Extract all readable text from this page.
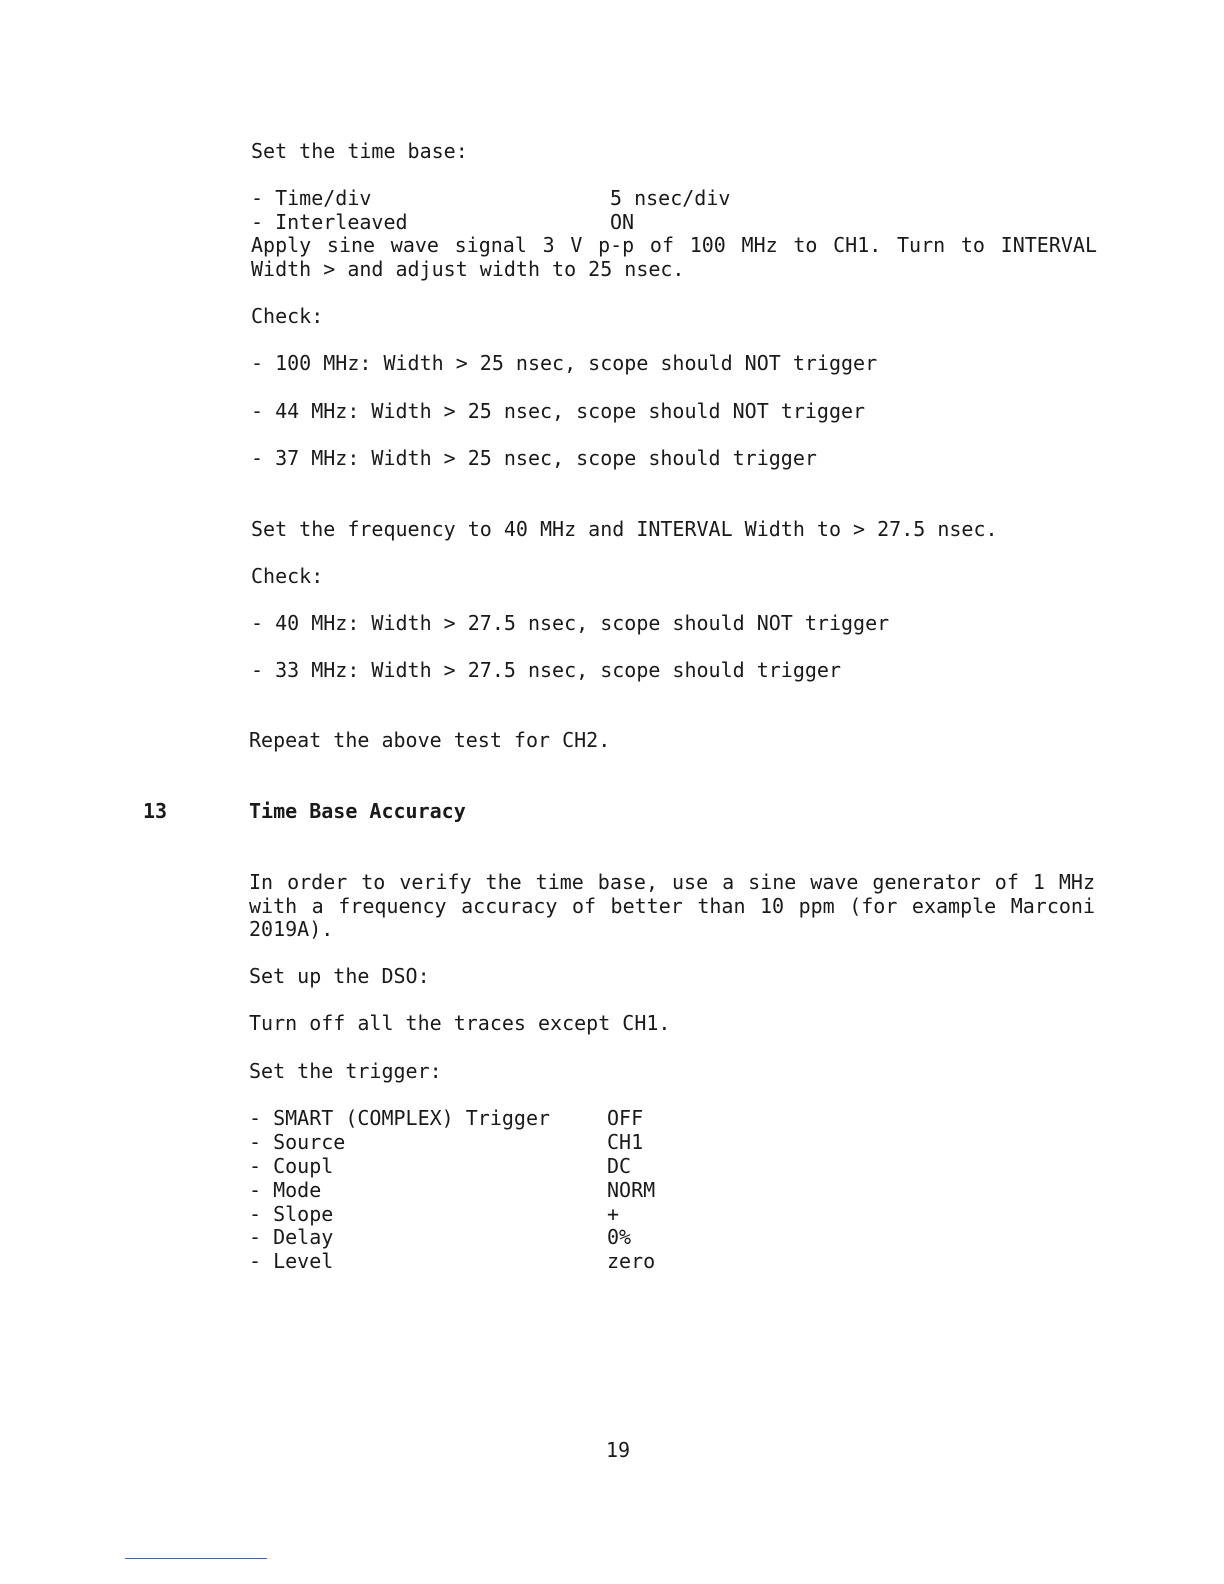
Set the time base:
- Time/div	5 nsec/div
- Interleaved	ON
Apply sine wave signal 3 V p-p of 100 MHz to CH1. Turn to INTERVAL Width > and adjust width to 25 nsec.
Check:
- 100 MHz: Width > 25 nsec, scope should NOT trigger
- 44 MHz: Width > 25 nsec, scope should NOT trigger
- 37 MHz: Width > 25 nsec, scope should trigger
Set the frequency to 40 MHz and INTERVAL Width to > 27.5 nsec.
Check:
- 40 MHz: Width > 27.5 nsec, scope should NOT trigger
- 33 MHz: Width > 27.5 nsec, scope should trigger
Repeat the above test for CH2.
13	Time Base Accuracy
In order to verify the time base, use a sine wave generator of 1 MHz with a frequency accuracy of better than 10 ppm (for example Marconi 2019A).
Set up the DSO:
Turn off all the traces except CH1.
Set the trigger:
- SMART (COMPLEX) Trigger	OFF
- Source	CH1
- Coupl	DC
- Mode	NORM
- Slope	+
- Delay	0%
- Level	zero
19
